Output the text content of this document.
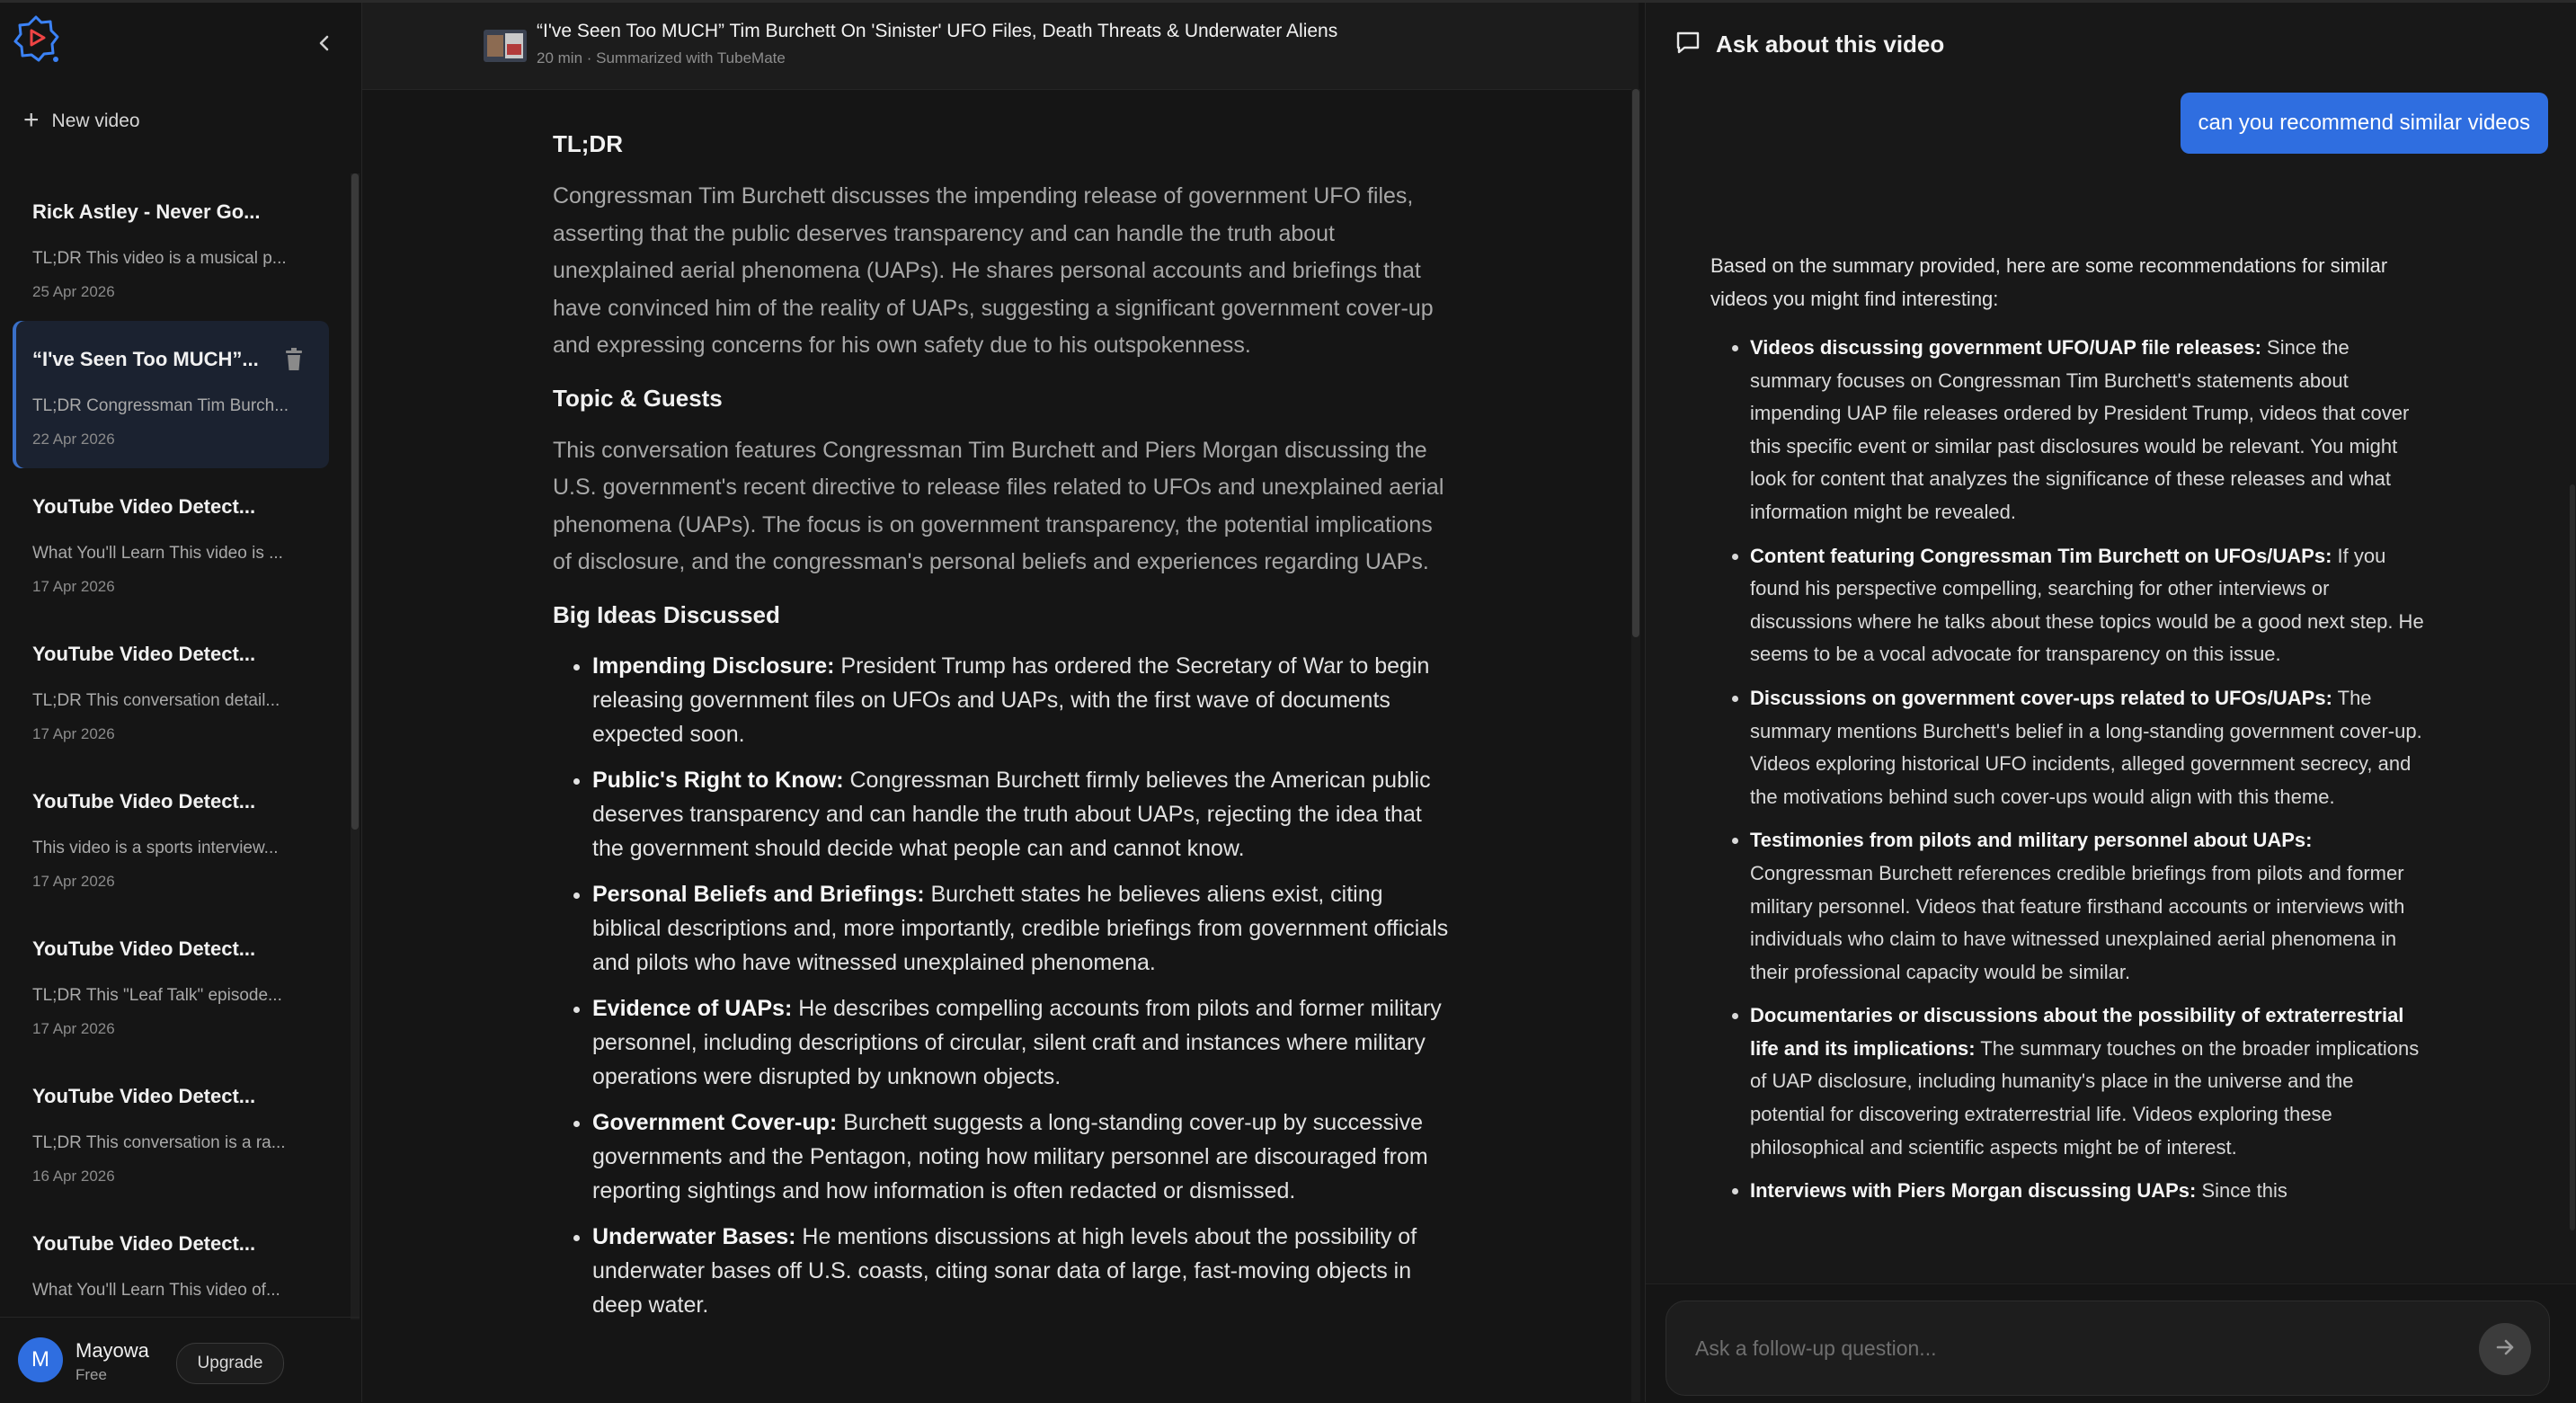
+ New video
Rick Astley - Never Go...
TL;DR This video is a musical p...
25 Apr 2026
“I've Seen Too MUCH”...
TL;DR Congressman Tim Burch...
22 Apr 2026
YouTube Video Detect...
What You'll Learn This video is ...
17 Apr 2026
YouTube Video Detect...
TL;DR This conversation detail...
17 Apr 2026
YouTube Video Detect...
This video is a sports interview...
17 Apr 2026
YouTube Video Detect...
TL;DR This "Leaf Talk" episode...
17 Apr 2026
YouTube Video Detect...
TL;DR This conversation is a ra...
16 Apr 2026
YouTube Video Detect...
What You'll Learn This video of...
M	Mayowa
Free
Upgrade
“I've Seen Too MUCH” Tim Burchett On 'Sinister' UFO Files, Death Threats & Underwater Aliens
20 min · Summarized with TubeMate
TL;DR

Congressman Tim Burchett discusses the impending release of government UFO files, asserting that the public deserves transparency and can handle the truth about unexplained aerial phenomena (UAPs). He shares personal accounts and briefings that have convinced him of the reality of UAPs, suggesting a significant government cover-up and expressing concerns for his own safety due to his outspokenness.

Topic & Guests

This conversation features Congressman Tim Burchett and Piers Morgan discussing the U.S. government's recent directive to release files related to UFOs and unexplained aerial phenomena (UAPs). The focus is on government transparency, the potential implications of disclosure, and the congressman's personal beliefs and experiences regarding UAPs.

Big Ideas Discussed
• Impending Disclosure: President Trump has ordered the Secretary of War to begin releasing government files on UFOs and UAPs, with the first wave of documents expected soon.
• Public's Right to Know: Congressman Burchett firmly believes the American public deserves transparency and can handle the truth about UAPs, rejecting the idea that the government should decide what people can and cannot know.
• Personal Beliefs and Briefings: Burchett states he believes aliens exist, citing biblical descriptions and, more importantly, credible briefings from government officials and pilots who have witnessed unexplained phenomena.
• Evidence of UAPs: He describes compelling accounts from pilots and former military personnel, including descriptions of circular, silent craft and instances where military operations were disrupted by unknown objects.
• Government Cover-up: Burchett suggests a long-standing cover-up by successive governments and the Pentagon, noting how military personnel are discouraged from reporting sightings and how information is often redacted or dismissed.
• Underwater Bases: He mentions discussions at high levels about the possibility of underwater bases off U.S. coasts, citing sonar data of large, fast-moving objects in deep water.
Ask about this video
can you recommend similar videos

Based on the summary provided, here are some recommendations for similar videos you might find interesting:

• Videos discussing government UFO/UAP file releases: Since the summary focuses on Congressman Tim Burchett's statements about impending UAP file releases ordered by President Trump, videos that cover this specific event or similar past disclosures would be relevant. You might look for content that analyzes the significance of these releases and what information might be revealed.
• Content featuring Congressman Tim Burchett on UFOs/UAPs: If you found his perspective compelling, searching for other interviews or discussions where he talks about these topics would be a good next step. He seems to be a vocal advocate for transparency on this issue.
• Discussions on government cover-ups related to UFOs/UAPs: The summary mentions Burchett's belief in a long-standing government cover-up. Videos exploring historical UFO incidents, alleged government secrecy, and the motivations behind such cover-ups would align with this theme.
• Testimonies from pilots and military personnel about UAPs: Congressman Burchett references credible briefings from pilots and former military personnel. Videos that feature firsthand accounts or interviews with individuals who claim to have witnessed unexplained aerial phenomena in their professional capacity would be similar.
• Documentaries or discussions about the possibility of extraterrestrial life and its implications: The summary touches on the broader implications of UAP disclosure, including humanity's place in the universe and the potential for discovering extraterrestrial life. Videos exploring these philosophical and scientific aspects might be of interest.
• Interviews with Piers Morgan discussing UAPs: Since this
Ask a follow-up question...
